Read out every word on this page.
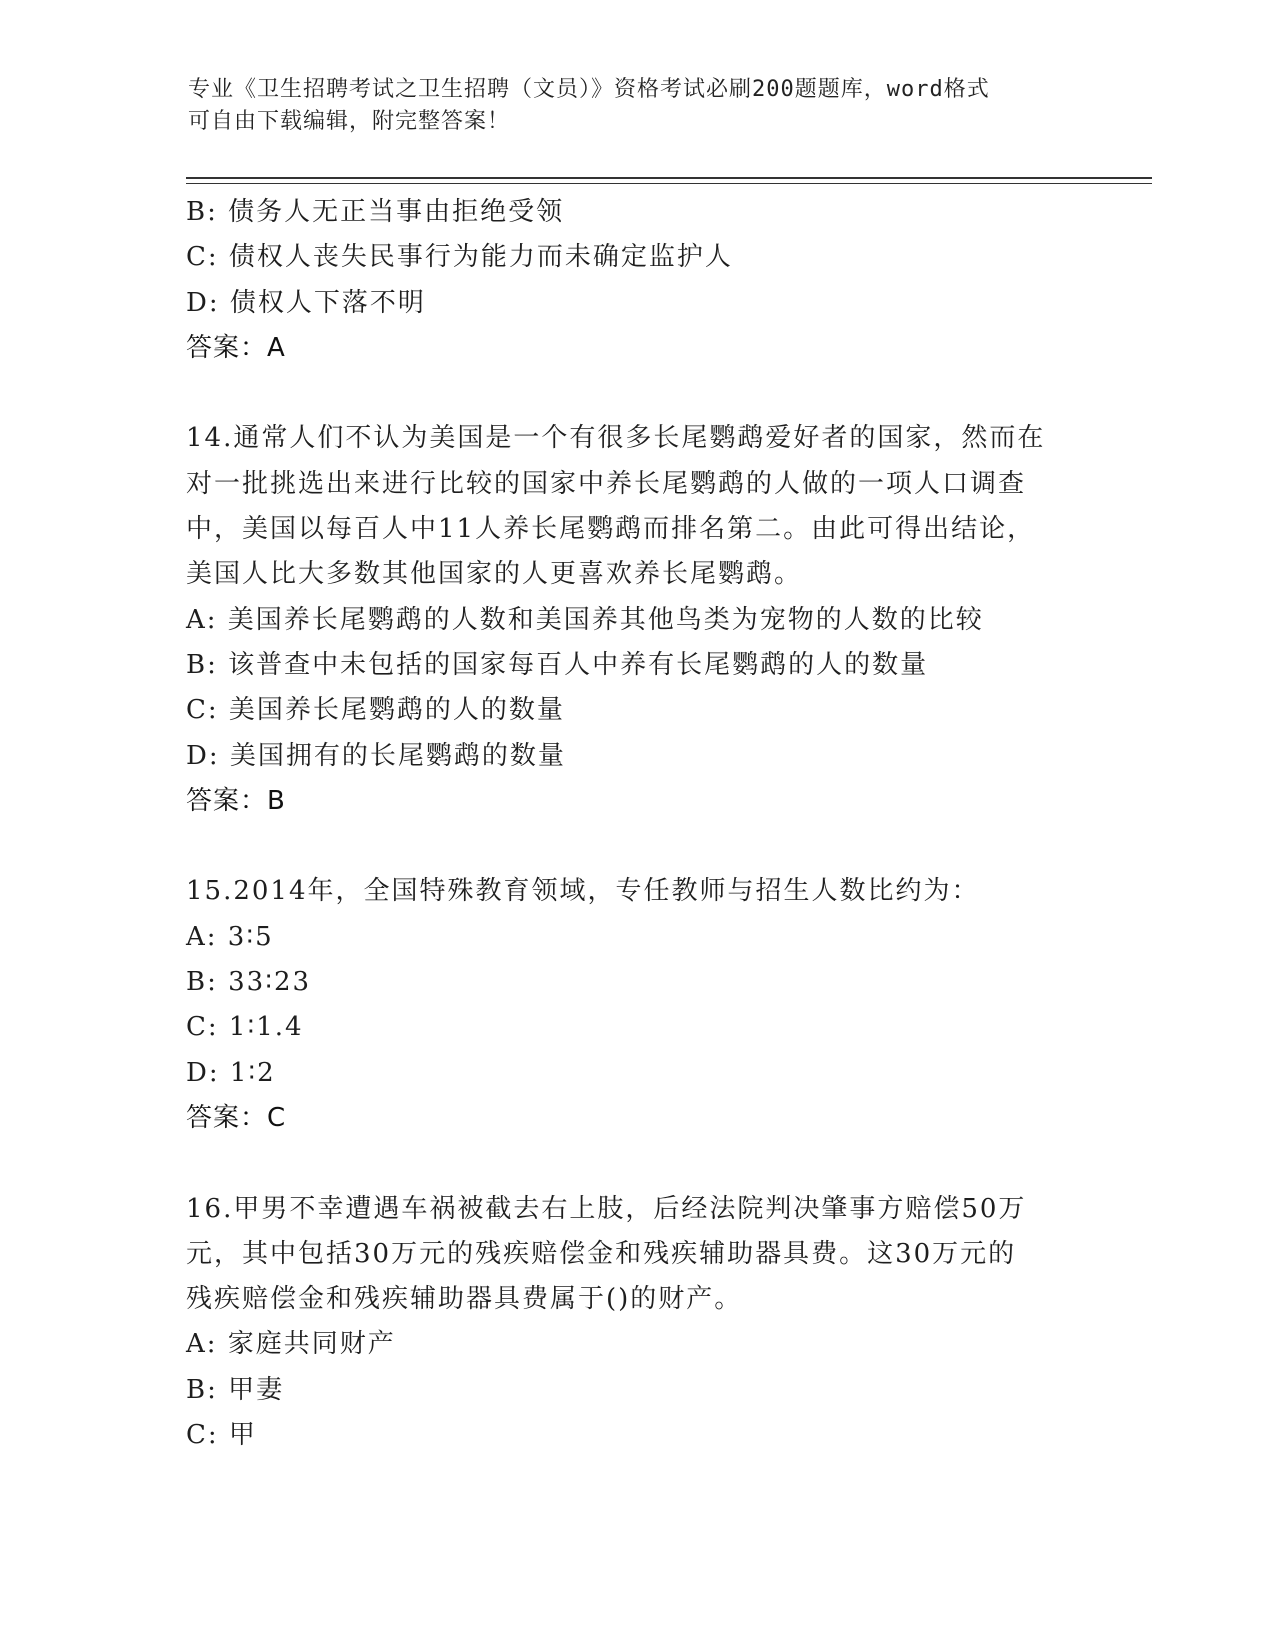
专业《卫生招聘考试之卫生招聘（文员）》资格考试必刷200题题库，word格式
可自由下载编辑，附完整答案！
B: 债务人无正当事由拒绝受领
C: 债权人丧失民事行为能力而未确定监护人
D: 债权人下落不明
答案：A
14.通常人们不认为美国是一个有很多长尾鹦鹉爱好者的国家，然而在
对一批挑选出来进行比较的国家中养长尾鹦鹉的人做的一项人口调查
中，美国以每百人中11人养长尾鹦鹉而排名第二。由此可得出结论，
美国人比大多数其他国家的人更喜欢养长尾鹦鹉。
A: 美国养长尾鹦鹉的人数和美国养其他鸟类为宠物的人数的比较
B: 该普查中未包括的国家每百人中养有长尾鹦鹉的人的数量
C: 美国养长尾鹦鹉的人的数量
D: 美国拥有的长尾鹦鹉的数量
答案：B
15.2014年，全国特殊教育领域，专任教师与招生人数比约为：
A: 3∶5
B: 33∶23
C: 1∶1.4
D: 1∶2
答案：C
16.甲男不幸遭遇车祸被截去右上肢，后经法院判决肇事方赔偿50万
元，其中包括30万元的残疾赔偿金和残疾辅助器具费。这30万元的
残疾赔偿金和残疾辅助器具费属于()的财产。
A: 家庭共同财产
B: 甲妻
C: 甲
